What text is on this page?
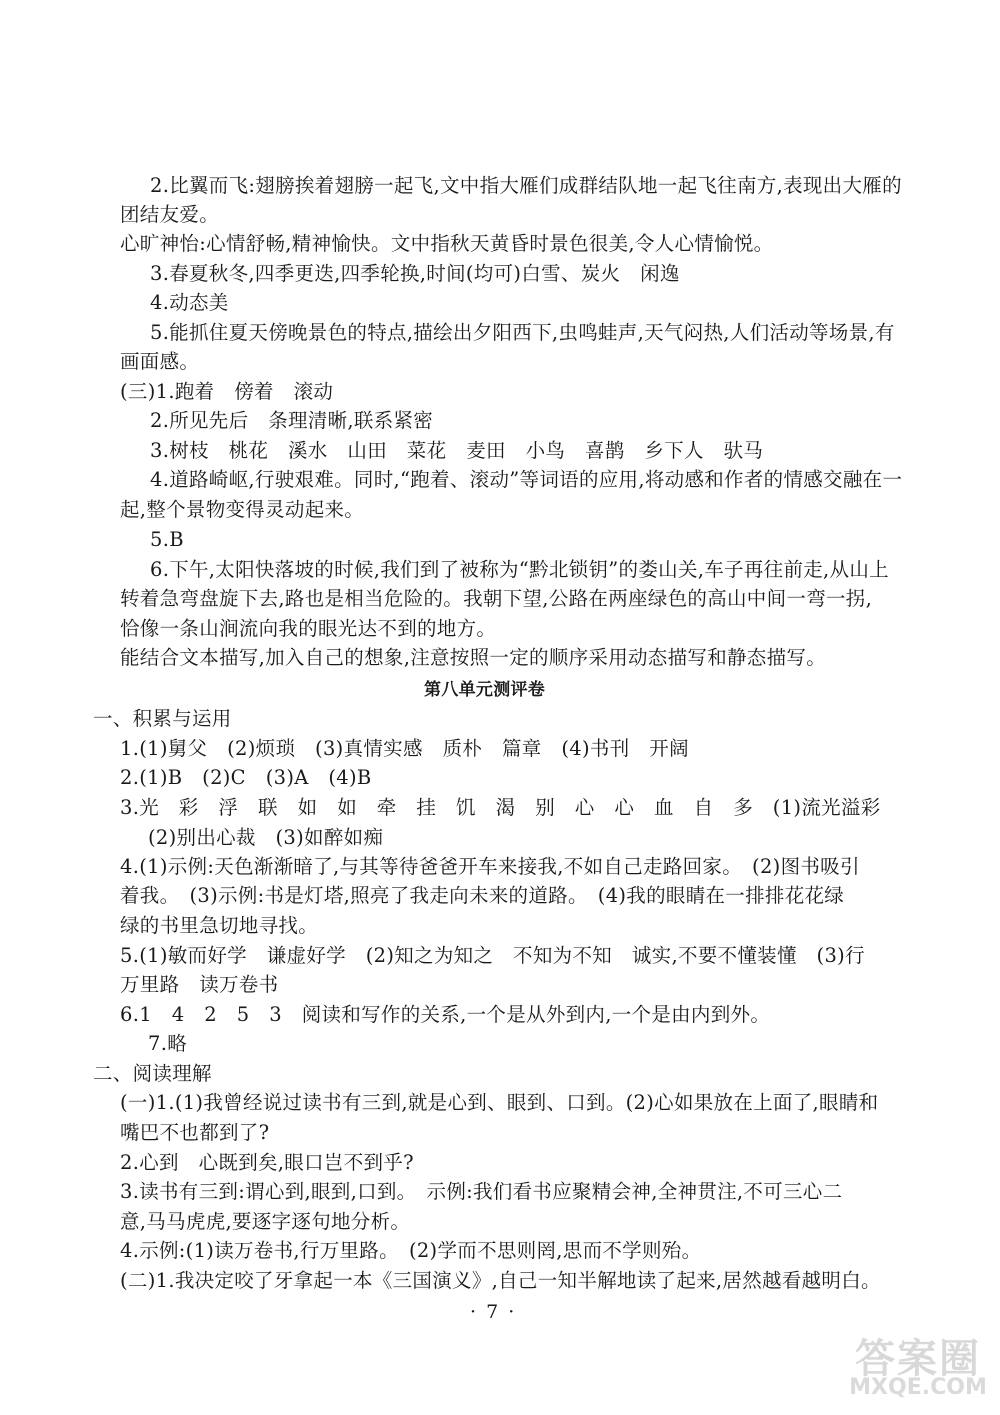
2.比翼而飞:翅膀挨着翅膀一起飞,文中指大雁们成群结队地一起飞往南方,表现出大雁的
团结友爱。
心旷神怡:心情舒畅,精神愉快。文中指秋天黄昏时景色很美,令人心情愉悦。
3.春夏秋冬,四季更迭,四季轮换,时间(均可)白雪、炭火　闲逸
4.动态美
5.能抓住夏天傍晚景色的特点,描绘出夕阳西下,虫鸣蛙声,天气闷热,人们活动等场景,有
画面感。
(三)1.跑着　傍着　滚动
2.所见先后　条理清晰,联系紧密
3.树枝　桃花　溪水　山田　菜花　麦田　小鸟　喜鹊　乡下人　驮马
4.道路崎岖,行驶艰难。同时,“跑着、滚动”等词语的应用,将动感和作者的情感交融在一
起,整个景物变得灵动起来。
5.B
6.下午,太阳快落坡的时候,我们到了被称为“黔北锁钥”的娄山关,车子再往前走,从山上
转着急弯盘旋下去,路也是相当危险的。我朝下望,公路在两座绿色的高山中间一弯一拐,
恰像一条山涧流向我的眼光达不到的地方。
能结合文本描写,加入自己的想象,注意按照一定的顺序采用动态描写和静态描写。
第八单元测评卷
一、积累与运用
1.(1)舅父　(2)烦琐　(3)真情实感　质朴　篇章　(4)书刊　开阔
2.(1)B　(2)C　(3)A　(4)B
3.光　彩　浮　联　如　如　牵　挂　饥　渴　别　心　心　血　自　多　(1)流光溢彩
(2)别出心裁　(3)如醉如痴
4.(1)示例:天色渐渐暗了,与其等待爸爸开车来接我,不如自己走路回家。　(2)图书吸引
着我。　(3)示例:书是灯塔,照亮了我走向未来的道路。　(4)我的眼睛在一排排花花绿
绿的书里急切地寻找。
5.(1)敏而好学　谦虚好学　(2)知之为知之　不知为不知　诚实,不要不懂装懂　(3)行
万里路　读万卷书
6.1　4　2　5　3　阅读和写作的关系,一个是从外到内,一个是由内到外。
7.略
二、阅读理解
(一)1.(1)我曾经说过读书有三到,就是心到、眼到、口到。(2)心如果放在上面了,眼睛和
嘴巴不也都到了?
2.心到　心既到矣,眼口岂不到乎?
3.读书有三到:谓心到,眼到,口到。　示例:我们看书应聚精会神,全神贯注,不可三心二
意,马马虎虎,要逐字逐句地分析。
4.示例:(1)读万卷书,行万里路。　(2)学而不思则罔,思而不学则殆。
(二)1.我决定咬了牙拿起一本《三国演义》,自己一知半解地读了起来,居然越看越明白。
· 7 ·
答案圈
MXQE.COM
